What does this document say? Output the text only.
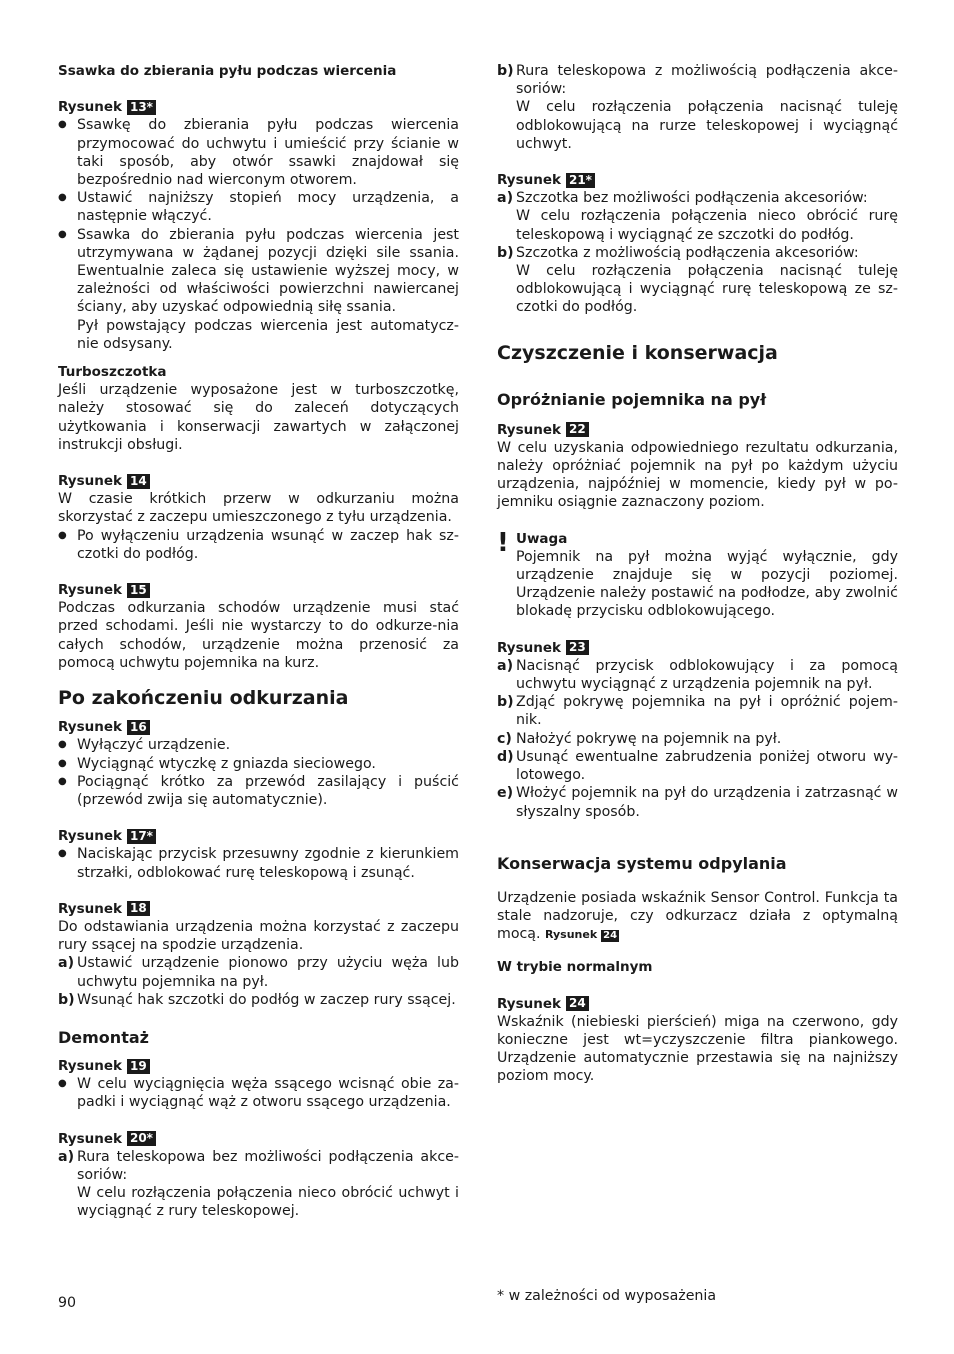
Ssawka do zbierania pyłu podczas wiercenia
Rysunek 13*
● Ssawkę do zbierania pyłu podczas wiercenia przymocować do uchwytu i umieścić przy ścianie w taki sposób, aby otwór ssawki znajdował się bezpośrednio nad wierconym otworem.
● Ustawić najniższy stopień mocy urządzenia, a następnie włączyć.
● Ssawka do zbierania pyłu podczas wiercenia jest utrzymywana w żądanej pozycji dzięki sile ssania. Ewentualnie zaleca się ustawienie wyższej mocy, w zależności od właściwości powierzchni nawiercanej ściany, aby uzyskać odpowiednią siłę ssania.
Pył powstający podczas wiercenia jest automatycz-nie odsysany.
Turboszczotka
Jeśli urządzenie wyposażone jest w turboszczotkę, należy stosować się do zaleceń dotyczących użytkowania i konserwacji zawartych w załączonej instrukcji obsługi.
Rysunek 14
W czasie krótkich przerw w odkurzaniu można skorzystać z zaczepu umieszczonego z tyłu urządzenia.
● Po wyłączeniu urządzenia wsunąć w zaczep hak sz-czotki do podłóg.
Rysunek 15
Podczas odkurzania schodów urządzenie musi stać przed schodami. Jeśli nie wystarczy to do odkurze-nia całych schodów, urządzenie można przenosić za pomocą uchwytu pojemnika na kurz.
Po zakończeniu odkurzania
Rysunek 16
● Wyłączyć urządzenie.
● Wyciągnąć wtyczkę z gniazda sieciowego.
● Pociągnąć krótko za przewód zasilający i puścić (przewód zwija się automatycznie).
Rysunek 17*
● Naciskając przycisk przesuwny zgodnie z kierunkiem strzałki, odblokować rurę teleskopową i zsunąć.
Rysunek 18
Do odstawiania urządzenia można korzystać z zaczepu rury ssącej na spodzie urządzenia.
a) Ustawić urządzenie pionowo przy użyciu węża lub uchwytu pojemnika na pył.
b) Wsunąć hak szczotki do podłóg w zaczep rury ssącej.
Demontaż
Rysunek 19
● W celu wyciągnięcia węża ssącego wcisnąć obie za-padki i wyciągnąć wąż z otworu ssącego urządzenia.
Rysunek 20*
a) Rura teleskopowa bez możliwości podłączenia akce-soriów:
W celu rozłączenia połączenia nieco obrócić uchwyt i wyciągnąć z rury teleskopowej.
b) Rura teleskopowa z możliwością podłączenia akce-soriów:
W celu rozłączenia połączenia nacisnąć tuleję odblokowującą na rurze teleskopowej i wyciągnąć uchwyt.
Rysunek 21*
a) Szczotka bez możliwości podłączenia akcesoriów:
W celu rozłączenia połączenia nieco obrócić rurę teleskopową i wyciągnąć ze szczotki do podłóg.
b) Szczotka z możliwością podłączenia akcesoriów:
W celu rozłączenia połączenia nacisnąć tuleję odblokowującą i wyciągnąć rurę teleskopową ze sz-czotki do podłóg.
Czyszczenie i konserwacja
Opróżnianie pojemnika na pył
Rysunek 22
W celu uzyskania odpowiedniego rezultatu odkurzania, należy opróżniać pojemnik na pył po każdym użyciu urządzenia, najpóźniej w momencie, kiedy pył w po-jemniku osiągnie zaznaczony poziom.
! Uwaga
Pojemnik na pył można wyjąć wyłącznie, gdy urządzenie znajduje się w pozycji poziomej. Urządzenie należy postawić na podłodze, aby zwolnić blokadę przycisku odblokowującego.
Rysunek 23
a) Nacisnąć przycisk odblokowujący i za pomocą uchwytu wyciągnąć z urządzenia pojemnik na pył.
b) Zdjąć pokrywę pojemnika na pył i opróżnić pojem-nik.
c) Nałożyć pokrywę na pojemnik na pył.
d) Usunąć ewentualne zabrudzenia poniżej otworu wy-lotowego.
e) Włożyć pojemnik na pył do urządzenia i zatrzasnąć w słyszalny sposób.
Konserwacja systemu odpylania
Urządzenie posiada wskaźnik Sensor Control. Funkcja ta stale nadzoruje, czy odkurzacz działa z optymalną mocą. Rysunek 24
W trybie normalnym
Rysunek 24
Wskaźnik (niebieski pierścień) miga na czerwono, gdy konieczne jest wt=yczyszczenie filtra piankowego. Urządzenie automatycznie przestawia się na najniższy poziom mocy.
90	* w zależności od wyposażenia
